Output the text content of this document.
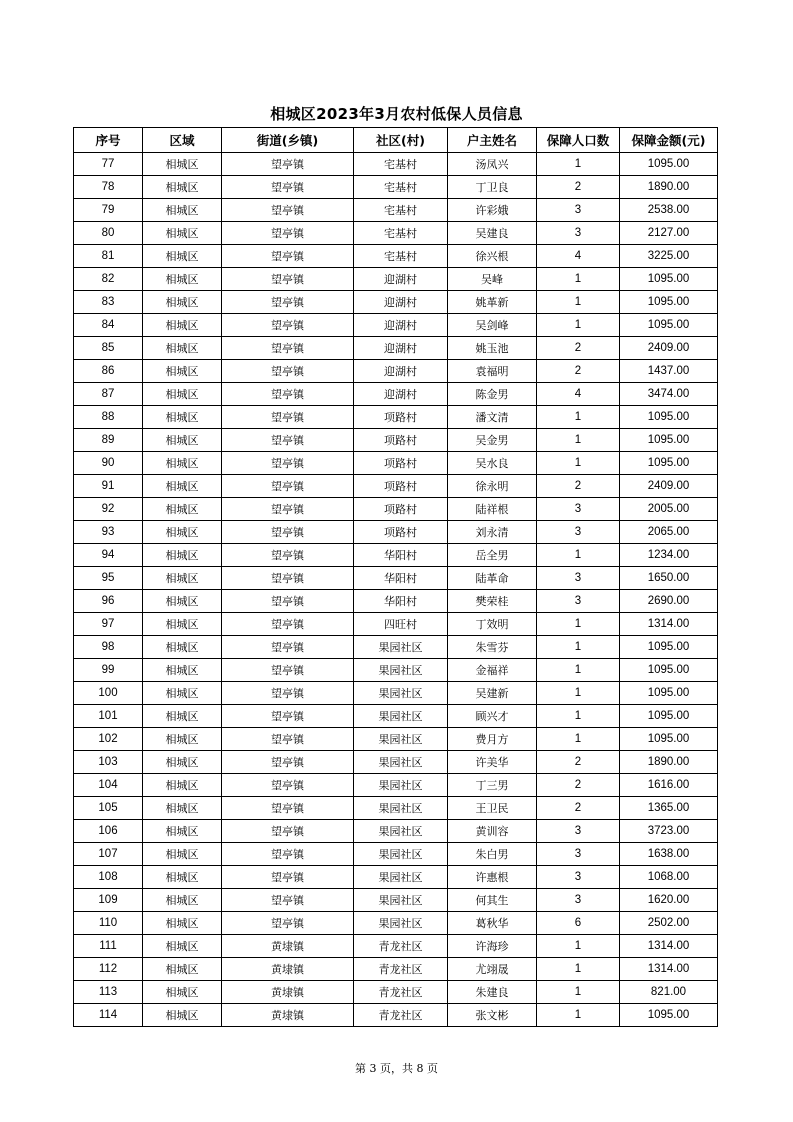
相城区2023年3月农村低保人员信息
序号	区域	街道(乡镇)	社区(村)	户主姓名	保障人口数	保障金额(元)
77	相城区	望亭镇	宅基村	汤凤兴	1	1095.00
78	相城区	望亭镇	宅基村	丁卫良	2	1890.00
79	相城区	望亭镇	宅基村	许彩娥	3	2538.00
80	相城区	望亭镇	宅基村	吴建良	3	2127.00
81	相城区	望亭镇	宅基村	徐兴根	4	3225.00
82	相城区	望亭镇	迎湖村	吴峰	1	1095.00
83	相城区	望亭镇	迎湖村	姚革新	1	1095.00
84	相城区	望亭镇	迎湖村	吴剑峰	1	1095.00
85	相城区	望亭镇	迎湖村	姚玉池	2	2409.00
86	相城区	望亭镇	迎湖村	袁福明	2	1437.00
87	相城区	望亭镇	迎湖村	陈金男	4	3474.00
88	相城区	望亭镇	项路村	潘文清	1	1095.00
89	相城区	望亭镇	项路村	吴金男	1	1095.00
90	相城区	望亭镇	项路村	吴水良	1	1095.00
91	相城区	望亭镇	项路村	徐永明	2	2409.00
92	相城区	望亭镇	项路村	陆祥根	3	2005.00
93	相城区	望亭镇	项路村	刘永清	3	2065.00
94	相城区	望亭镇	华阳村	岳全男	1	1234.00
95	相城区	望亭镇	华阳村	陆革命	3	1650.00
96	相城区	望亭镇	华阳村	樊荣桂	3	2690.00
97	相城区	望亭镇	四旺村	丁效明	1	1314.00
98	相城区	望亭镇	果园社区	朱雪芬	1	1095.00
99	相城区	望亭镇	果园社区	金福祥	1	1095.00
100	相城区	望亭镇	果园社区	吴建新	1	1095.00
101	相城区	望亭镇	果园社区	顾兴才	1	1095.00
102	相城区	望亭镇	果园社区	费月方	1	1095.00
103	相城区	望亭镇	果园社区	许美华	2	1890.00
104	相城区	望亭镇	果园社区	丁三男	2	1616.00
105	相城区	望亭镇	果园社区	王卫民	2	1365.00
106	相城区	望亭镇	果园社区	黄训容	3	3723.00
107	相城区	望亭镇	果园社区	朱白男	3	1638.00
108	相城区	望亭镇	果园社区	许惠根	3	1068.00
109	相城区	望亭镇	果园社区	何其生	3	1620.00
110	相城区	望亭镇	果园社区	葛秋华	6	2502.00
111	相城区	黄埭镇	青龙社区	许海珍	1	1314.00
112	相城区	黄埭镇	青龙社区	尤翊晟	1	1314.00
113	相城区	黄埭镇	青龙社区	朱建良	1	821.00
114	相城区	黄埭镇	青龙社区	张文彬	1	1095.00
第 3 页，共 8 页
